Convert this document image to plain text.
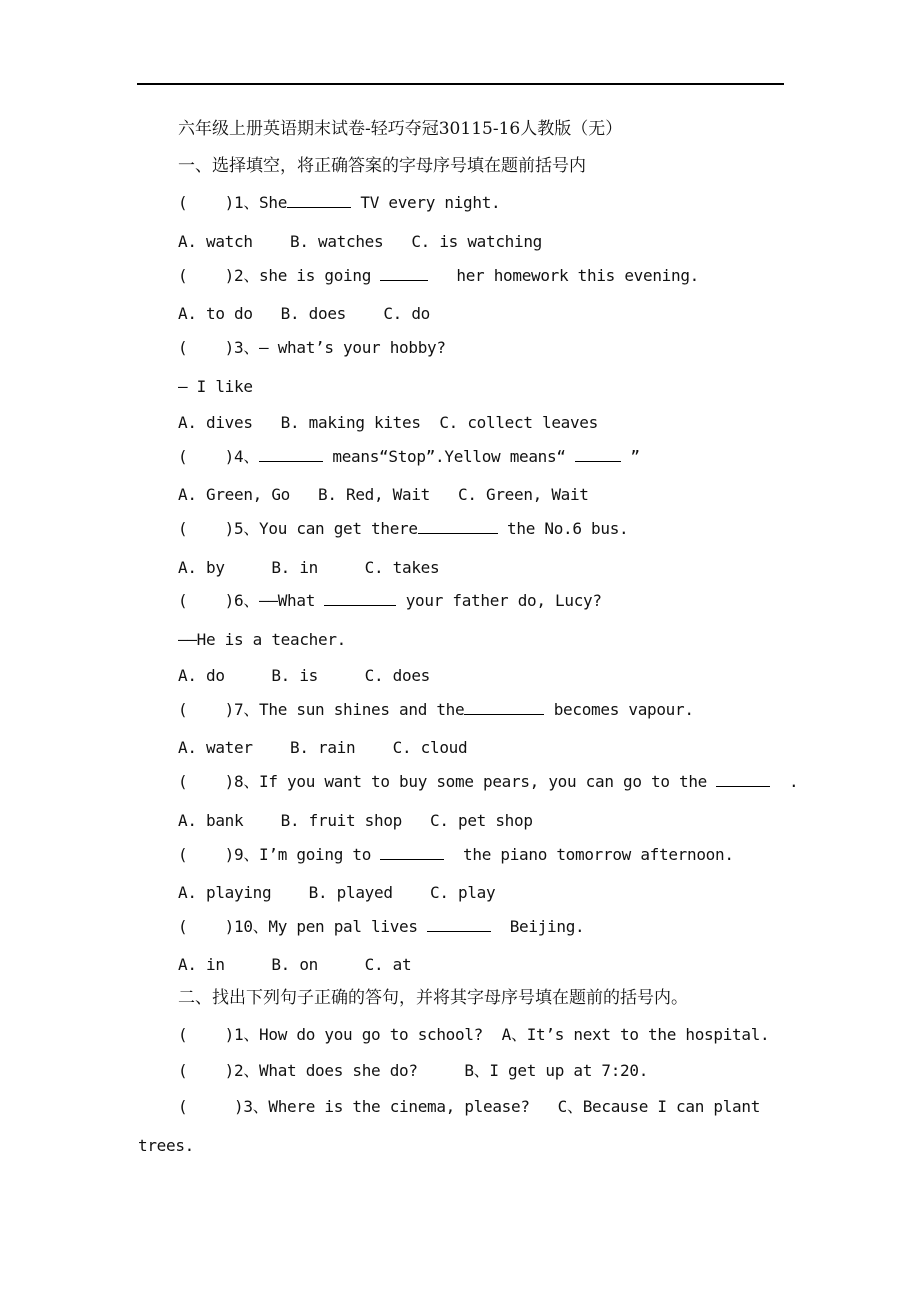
六年级上册英语期末试卷-轻巧夺冠30115-16人教版（无）
一、选择填空，将正确答案的字母序号填在题前括号内
(    )1、She	TV every night.
A. watch    B. watches   C. is watching
(    )2、she is going	her homework this evening.
A. to do   B. does    C. do
(    )3、— what’s your hobby?
— I like
A. dives   B. making kites  C. collect leaves
(    )4、	means“Stop”.Yellow means“	”
A. Green, Go   B. Red, Wait   C. Green, Wait
(    )5、You can get there	the No.6 bus.
A. by     B. in     C. takes
(    )6、——What	your father do, Lucy?
——He is a teacher.
A. do     B. is     C. does
(    )7、The sun shines and the	becomes vapour.
A. water    B. rain    C. cloud
(    )8、If you want to buy some pears, you can go to the	.
A. bank    B. fruit shop   C. pet shop
(    )9、I’m going to	the piano tomorrow afternoon.
A. playing    B. played    C. play
(    )10、My pen pal lives	Beijing.
A. in     B. on     C. at
二、找出下列句子正确的答句，并将其字母序号填在题前的括号内。
(    )1、How do you go to school?  A、It’s next to the hospital.
(    )2、What does she do?     B、I get up at 7:20.
(     )3、Where is the cinema, please?   C、Because I can plant
trees.
